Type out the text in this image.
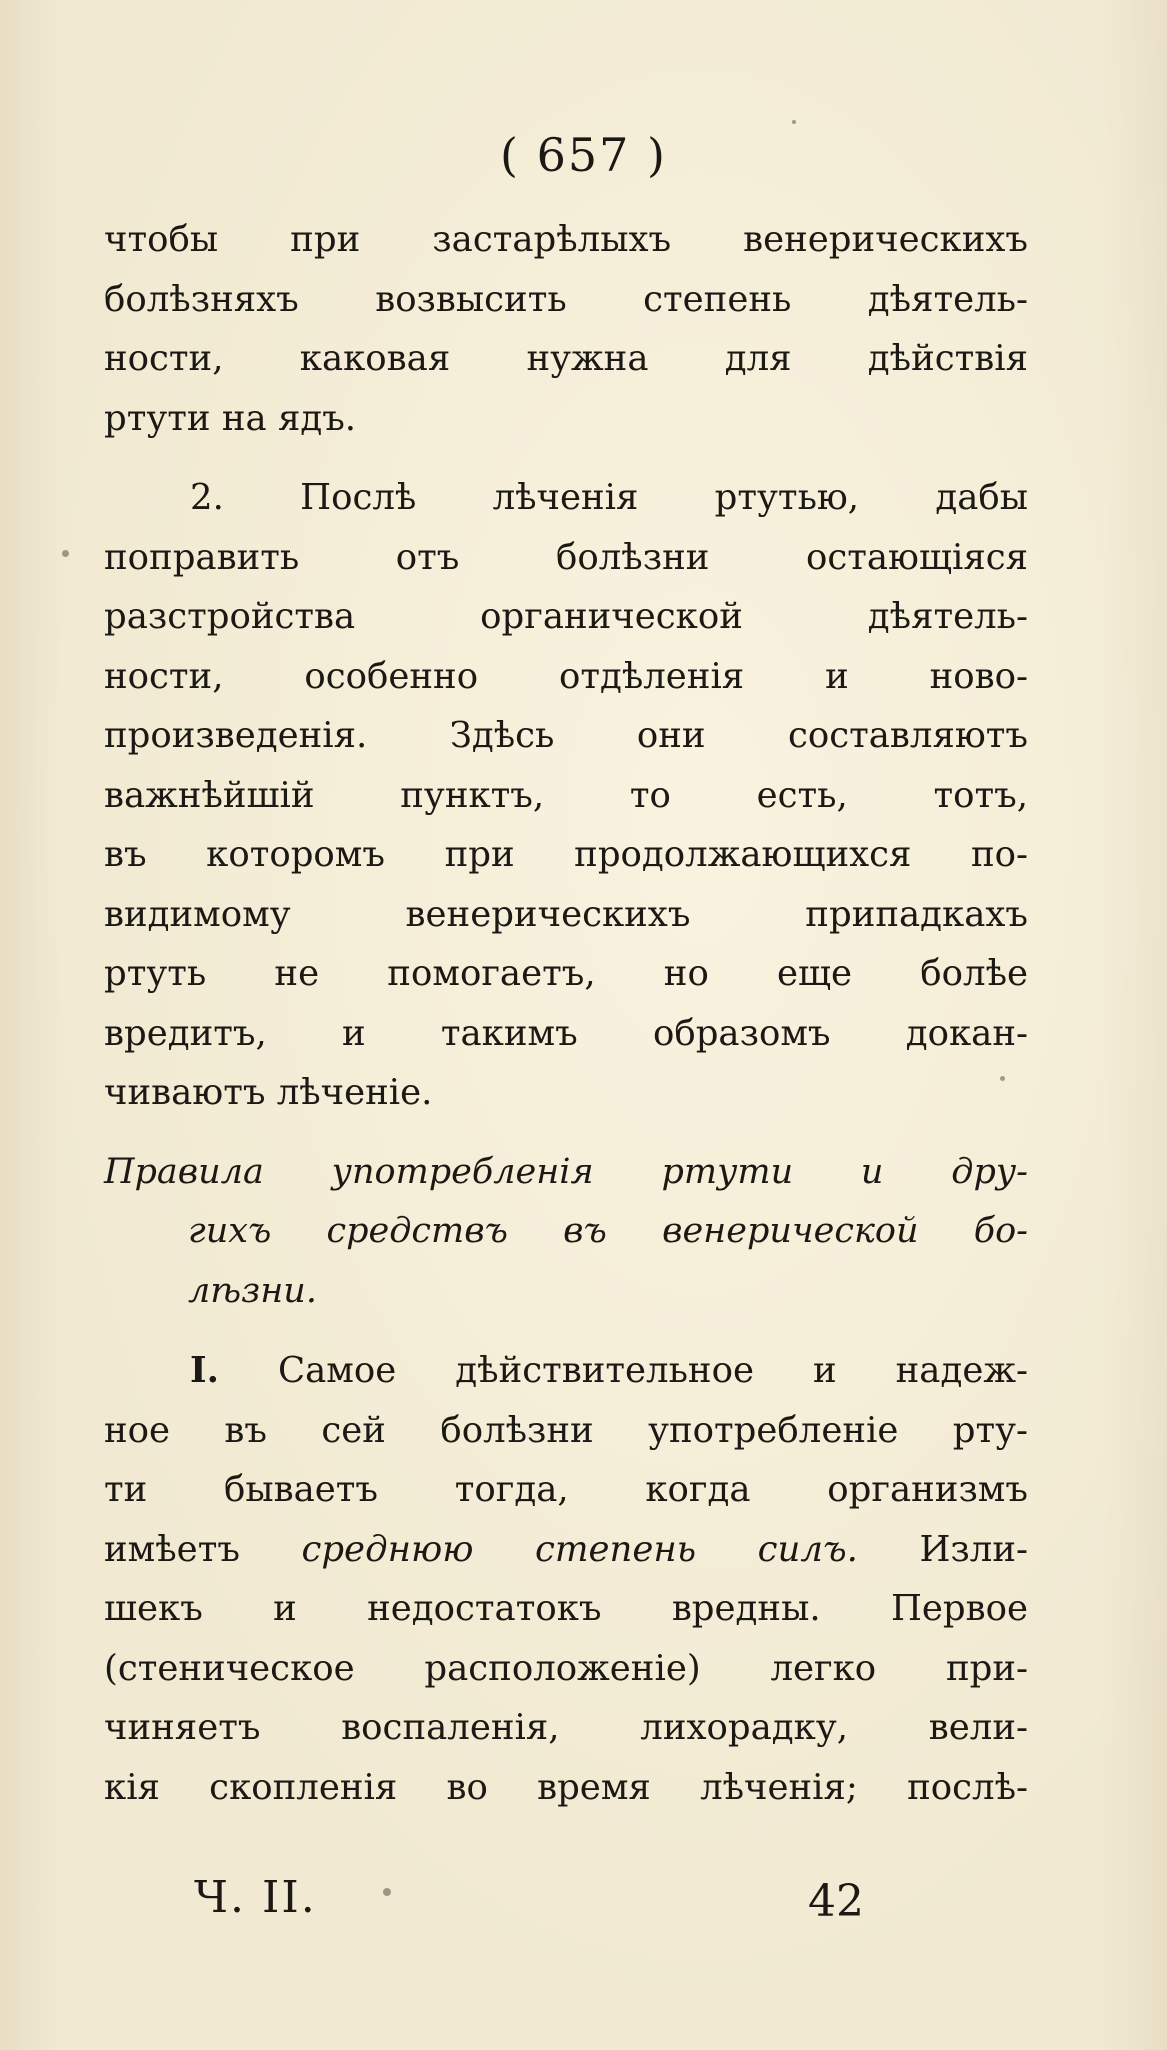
( 657 )
чтобы при застарѣлыхъ венерическихъ
болѣзняхъ возвысить степень дѣятель-
ности, каковая нужна для дѣйствія
ртути на ядъ.
2. Послѣ лѣченія ртутью, дабы
поправить отъ болѣзни остающіяся
разстройства органической дѣятель-
ности, особенно отдѣленія и ново-
произведенія. Здѣсь они составляютъ
важнѣйшій пунктъ, то есть, тотъ,
въ которомъ при продолжающихся по-
видимому венерическихъ припадкахъ
ртуть не помогаетъ, но еще болѣе
вредитъ, и такимъ образомъ докан-
чиваютъ лѣченіе.
Правила употребленія ртути и дру-
гихъ средствъ въ венерической бо-
лѣзни.
I. Самое дѣйствительное и надеж-
ное въ сей болѣзни употребленіе рту-
ти бываетъ тогда, когда организмъ
имѣетъ среднюю степень силъ. Изли-
шекъ и недостатокъ вредны. Первое
(стеническое расположеніе) легко при-
чиняетъ воспаленія, лихорадку, вели-
кія скопленія во время лѣченія; послѣ-
Ч. II.	42
